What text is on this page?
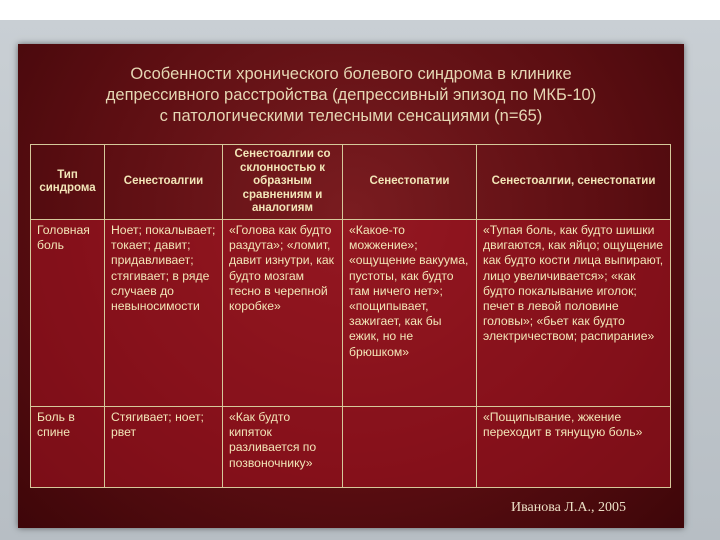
Особенности хронического болевого синдрома в клинике
депрессивного расстройства (депрессивный эпизод по МКБ-10)
с патологическими телесными сенсациями (n=65)
Тип синдрома	Сенестоалгии	Сенестоалгии со склонностью к образным сравнениям и аналогиям	Сенестопатии	Сенестоалгии, сенестопатии
Головная боль	Ноет; покалывает; токает; давит; придавливает; стягивает; в ряде случаев до невыносимости	«Голова как будто раздута»; «ломит, давит изнутри, как будто мозгам тесно в черепной коробке»	«Какое-то можжение»; «ощущение вакуума, пустоты, как будто там ничего нет»; «пощипывает, зажигает, как бы ежик, но не брюшком»	«Тупая боль, как будто шишки двигаются, как яйцо; ощущение как будто кости лица выпирают, лицо увеличивается»; «как будто покалывание иголок; печет в левой половине головы»; «бьет как будто электричеством; распирание»
Боль в спине	Стягивает; ноет; рвет	«Как будто кипяток разливается по позвоночнику»		«Пощипывание, жжение переходит в тянущую боль»
Иванова Л.А., 2005
